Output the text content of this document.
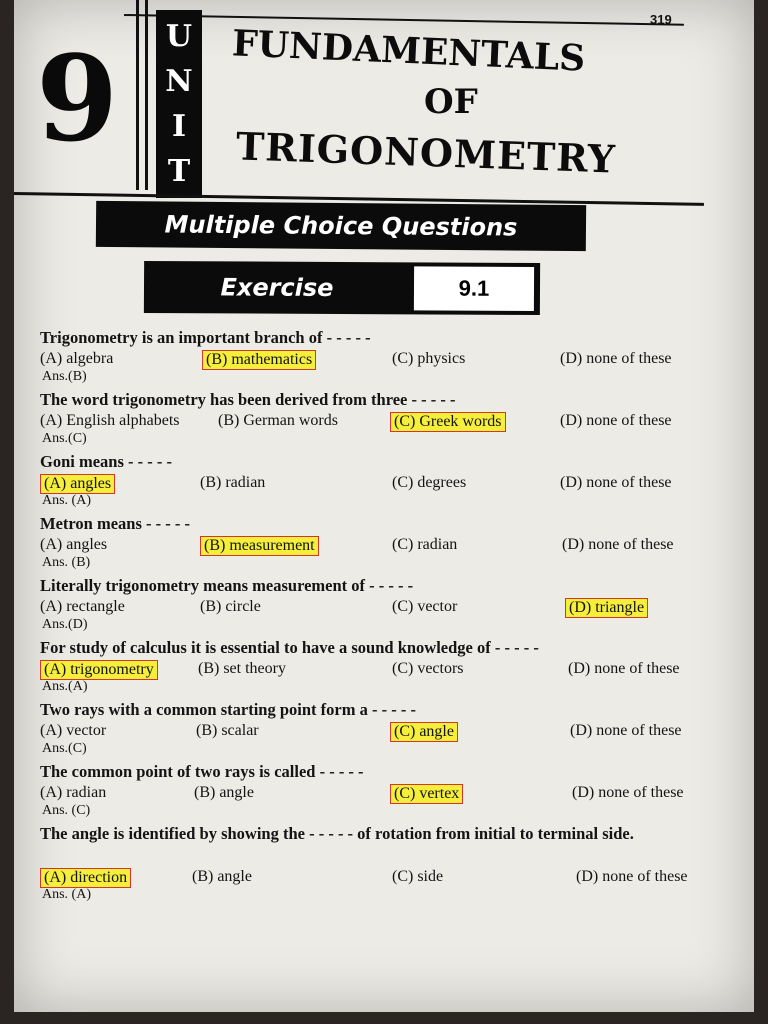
319
9 U
N
I
T
FUNDAMENTALS
OF
TRIGONOMETRY
Multiple Choice Questions
Exercise	9.1
Trigonometry is an important branch of - - - - -
(A) algebra	(B) mathematics	(C) physics	(D) none of these
Ans.(B)
The word trigonometry has been derived from three - - - - -
(A) English alphabets (B) German words	(C) Greek words	(D) none of these
Ans.(C)
Goni means - - - - -
(A) angles	(B) radian	(C) degrees	(D) none of these
Ans. (A)
Metron means - - - - -
(A) angles	(B) measurement	(C) radian	(D) none of these
Ans. (B)
Literally trigonometry means measurement of - - - - -
(A) rectangle	(B) circle	(C) vector	(D) triangle
Ans.(D)
For study of calculus it is essential to have a sound knowledge of - - - - -
(A) trigonometry	(B) set theory	(C) vectors	(D) none of these
Ans.(A)
Two rays with a common starting point form a - - - - -
(A) vector	(B) scalar	(C) angle	(D) none of these
Ans.(C)
The common point of two rays is called - - - - -
(A) radian	(B) angle	(C) vertex	(D) none of these
Ans. (C)
The angle is identified by showing the - - - - - of rotation from initial to terminal side.
(A) direction	(B) angle	(C) side	(D) none of these
Ans. (A)
